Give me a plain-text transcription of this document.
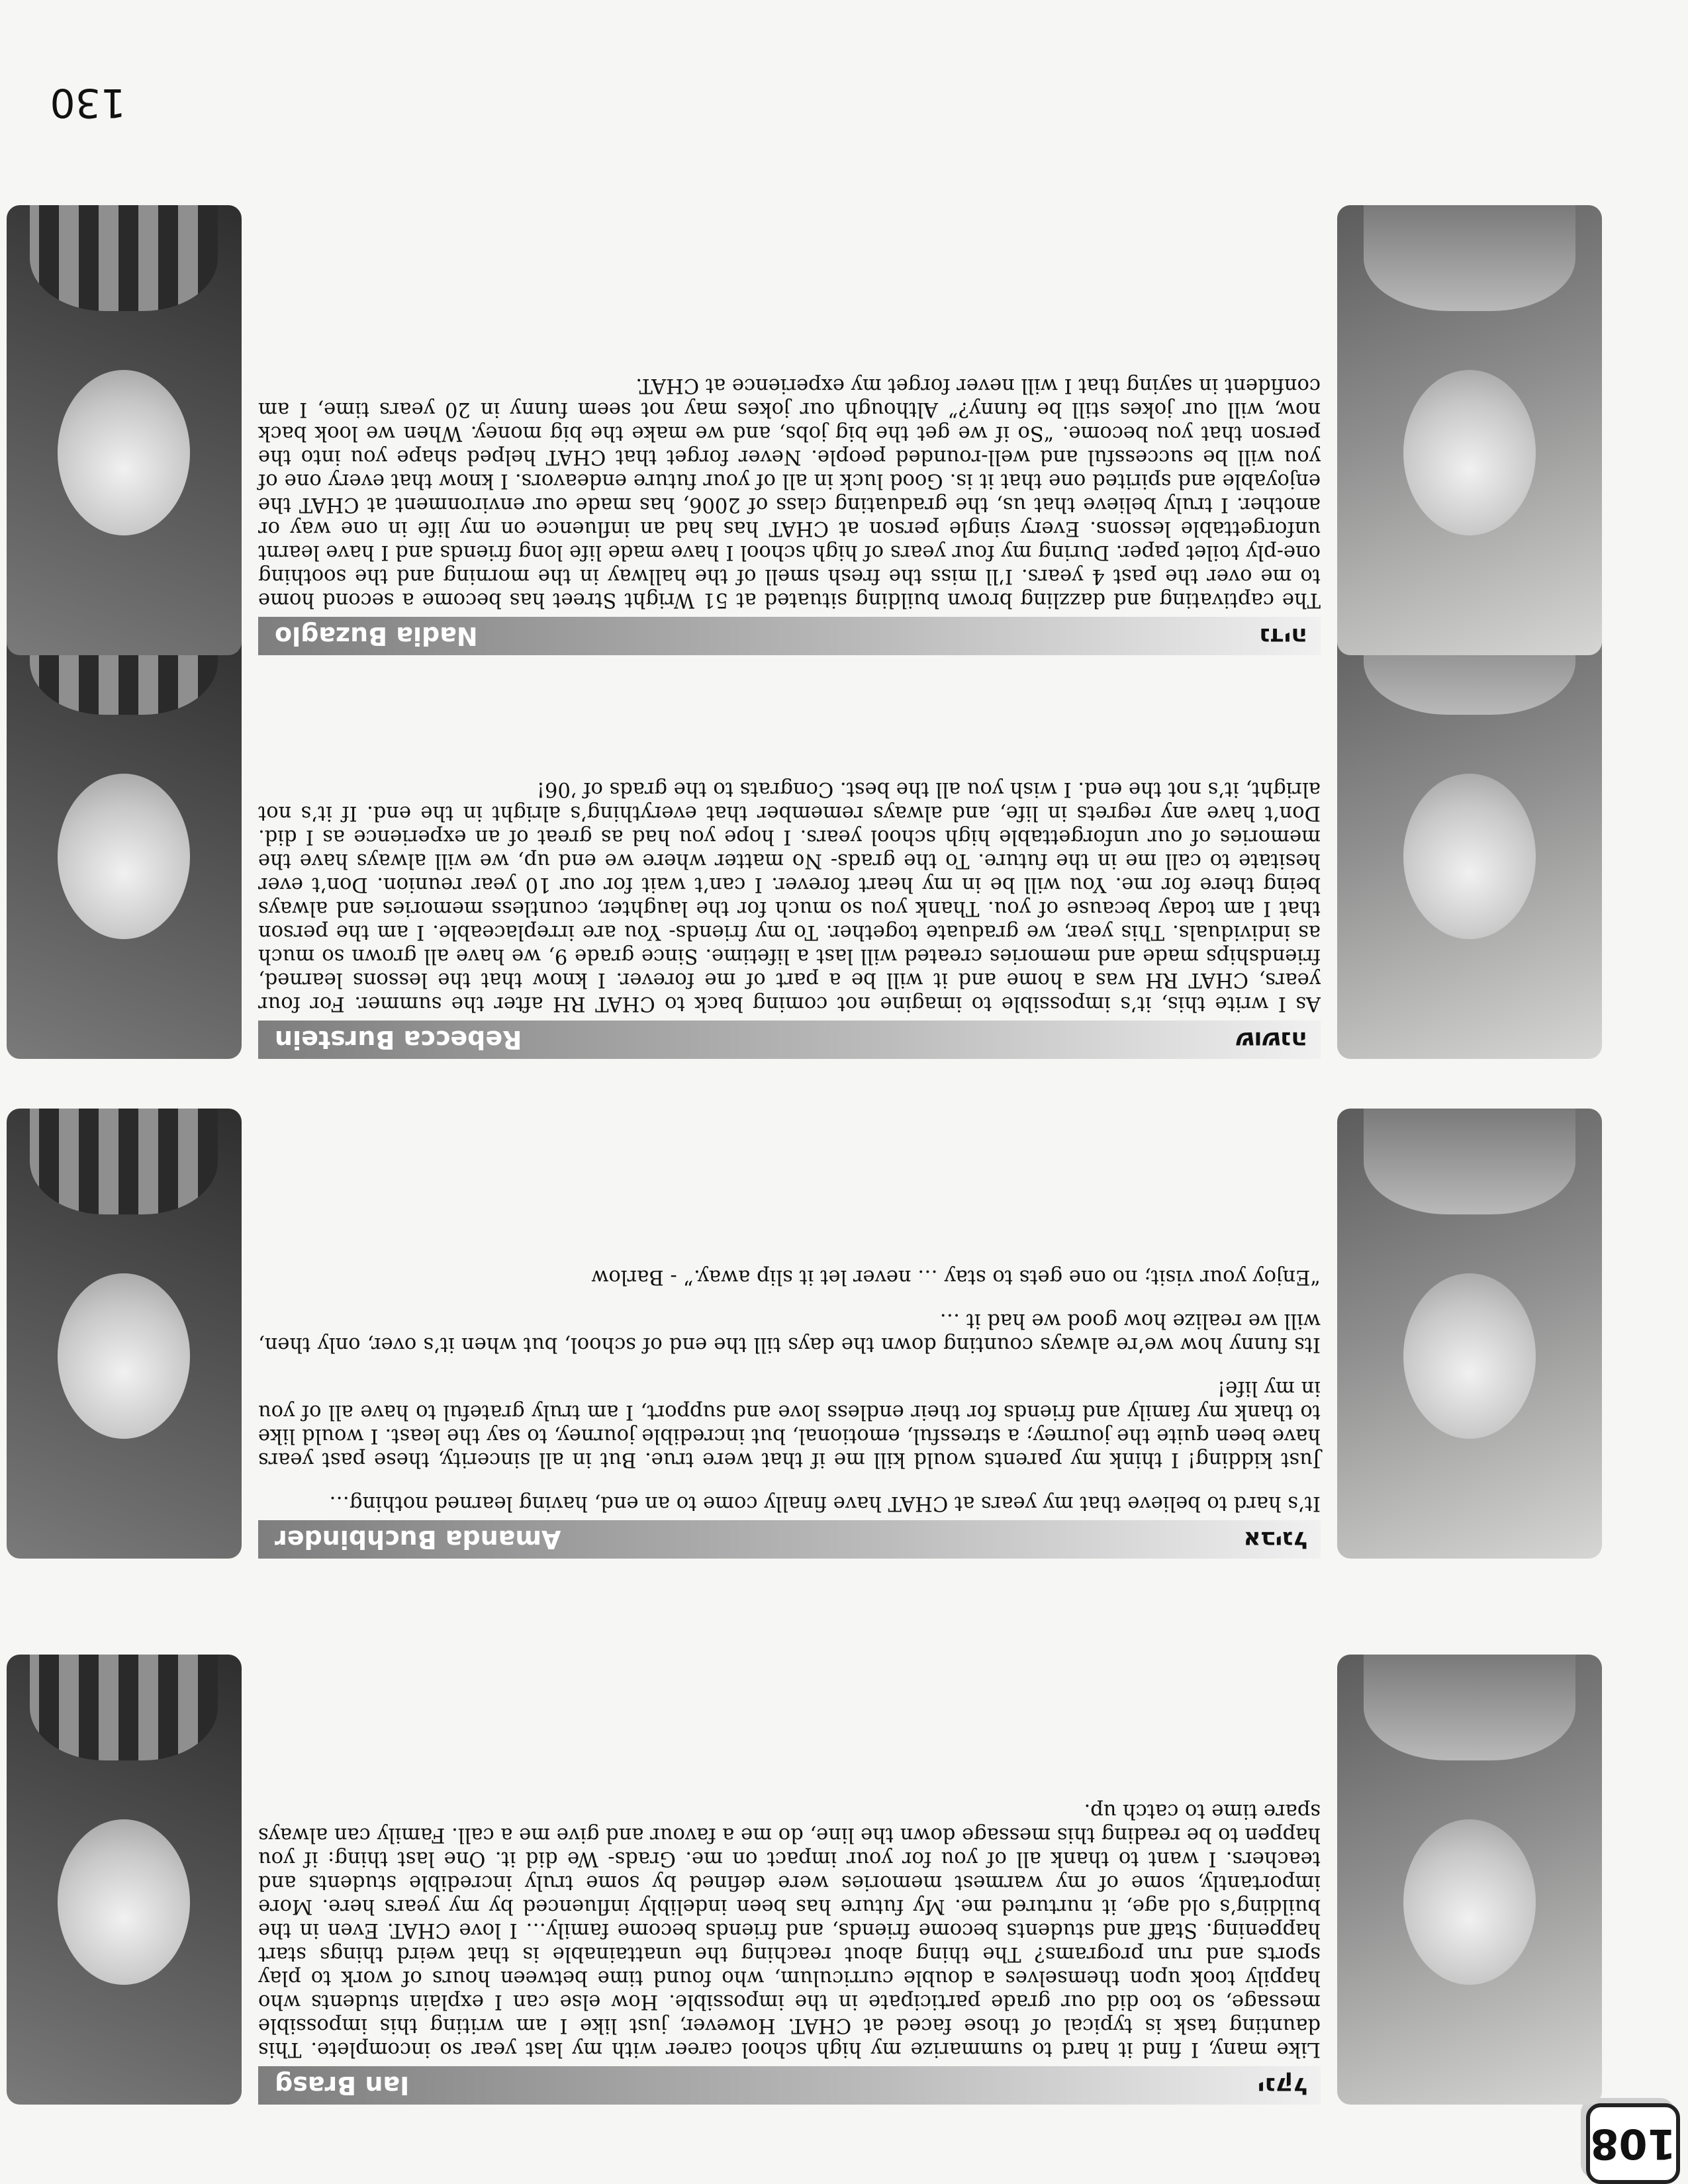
108
ינקל
Ian Brasg

Like many, I find it hard to summarize my high school career with my last year so incomplete. This daunting task is typical of those faced at CHAT. However, just like I am writing this impossible message, so too did our grade participate in the impossible. How else can I explain students who happily took upon themselves a double curriculum, who found time between hours of work to play sports and run programs? The thing about reaching the unattainable is that weird things start happening. Staff and students become friends, and friends become family… I love CHAT. Even in the building’s old age, it nurtured me. My future has been indelibly influenced by my years here. More importantly, some of my warmest memories were defined by some truly incredible students and teachers. I want to thank all of you for your impact on me. Grads- We did it. One last thing: if you happen to be reading this message down the line, do me a favour and give me a call. Family can always spare time to catch up.

אביגל
Amanda Buchbinder

It’s hard to believe that my years at CHAT have finally come to an end, having learned nothing…

Just kidding! I think my parents would kill me if that were true. But in all sincerity, these past years have been quite the journey; a stressful, emotional, but incredible journey, to say the least. I would like to thank my family and friends for their endless love and support, I am truly grateful to have all of you in my life!

Its funny how we’re always counting down the days till the end of school, but when it’s over, only then, will we realize how good we had it …

“Enjoy your visit; no one gets to stay … never let it slip away.” - Barlow

שושנה
Rebecca Burstein

As I write this, it’s impossible to imagine not coming back to CHAT RH after the summer. For four years, CHAT RH was a home and it will be a part of me forever. I know that the lessons learned, friendships made and memories created will last a lifetime. Since grade 9, we have all grown so much as individuals. This year, we graduate together. To my friends- You are irreplaceable. I am the person that I am today because of you. Thank you so much for the laughter, countless memories and always being there for me. You will be in my heart forever. I can’t wait for our 10 year reunion. Don’t ever hesitate to call me in the future. To the grads- No matter where we end up, we will always have the memories of our unforgettable high school years. I hope you had as great of an experience as I did. Don’t have any regrets in life, and always remember that everything’s alright in the end. If it’s not alright, it’s not the end. I wish you all the best. Congrats to the grads of ’06!

נדיה
Nadia Buzaglo

The captivating and dazzling brown building situated at 51 Wright Street has become a second home to me over the past 4 years. I’ll miss the fresh smell of the hallway in the morning and the soothing one-ply toilet paper. During my four years of high school I have made life long friends and I have learnt unforgettable lessons. Every single person at CHAT has had an influence on my life in one way or another. I truly believe that us, the graduating class of 2006, has made our environment at CHAT the enjoyable and spirited one that it is. Good luck in all of your future endeavors. I know that every one of you will be successful and well-rounded people. Never forget that CHAT helped shape you into the person that you become. “So if we get the big jobs, and we make the big money. When we look back now, will our jokes still be funny?” Although our jokes may not seem funny in 20 years time, I am confident in saying that I will never forget my experience at CHAT.

130
